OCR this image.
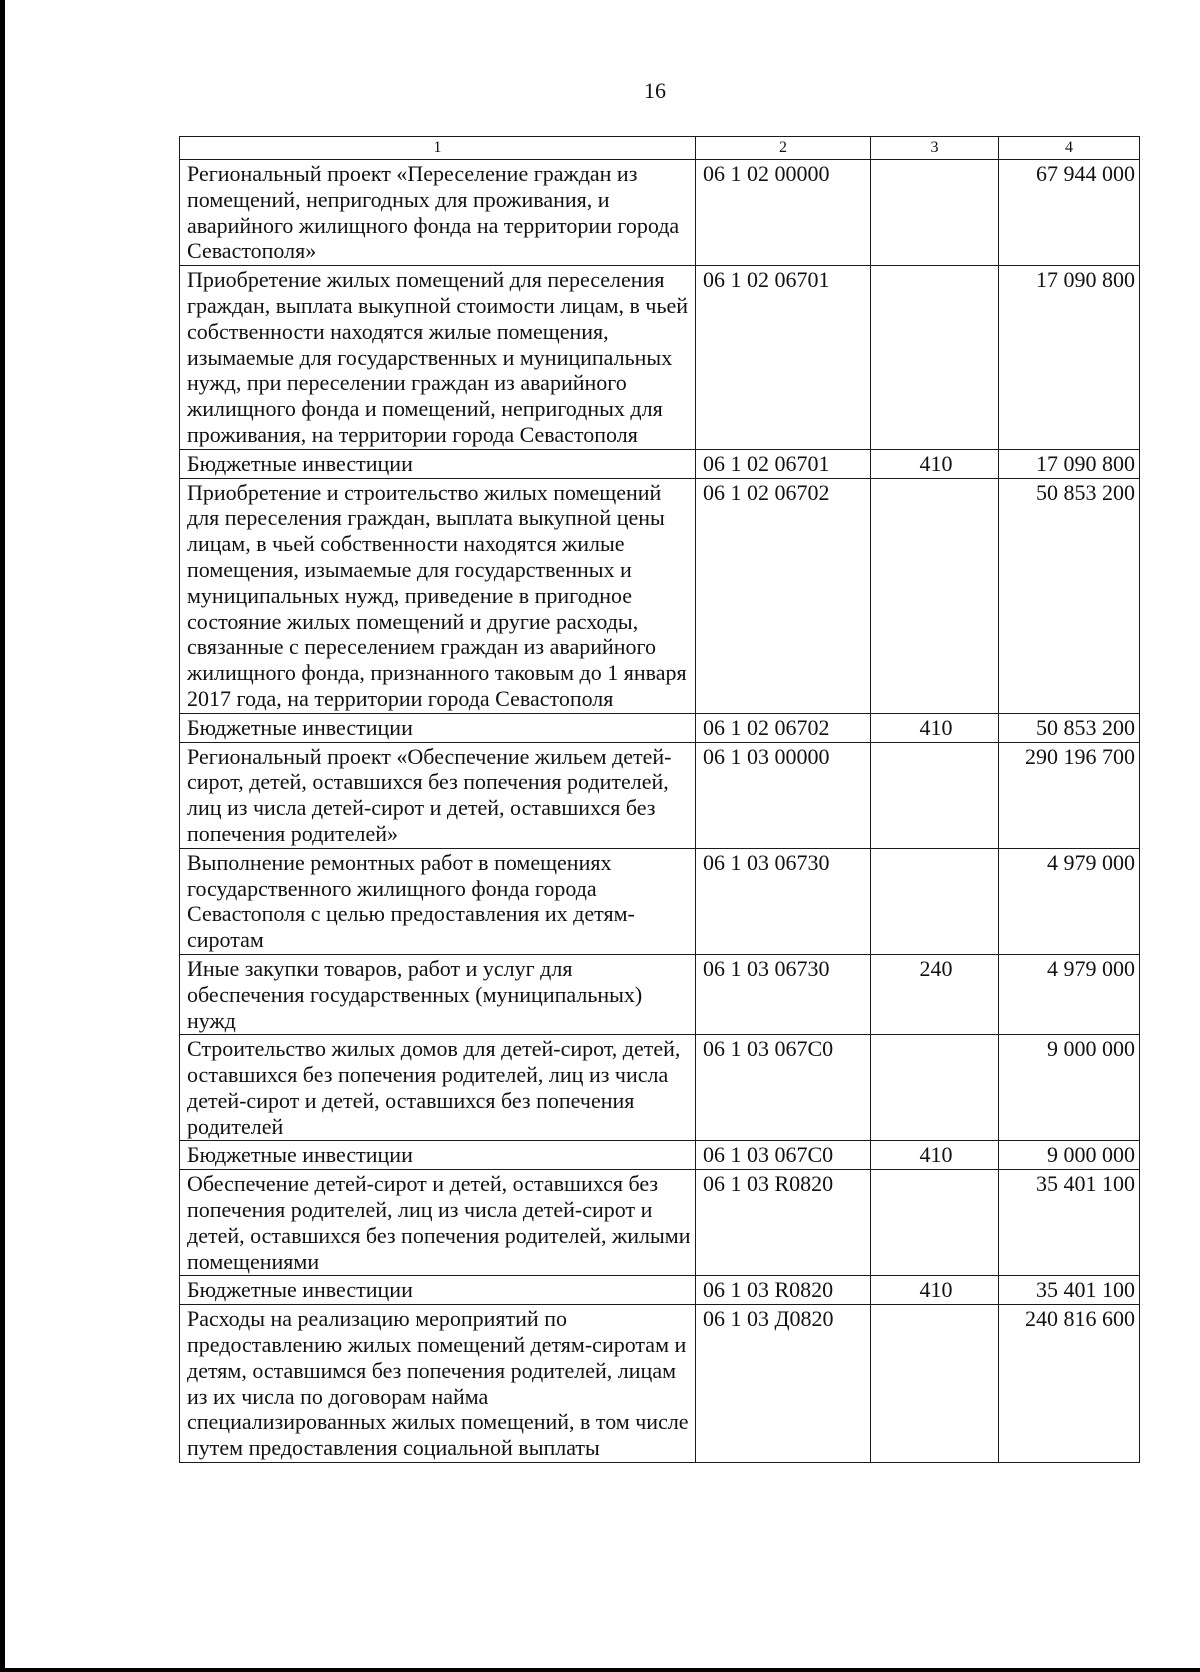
16
1	2	3	4
Региональный проект «Переселение граждан из помещений, непригодных для проживания, и аварийного жилищного фонда на территории города Севастополя»	06 1 02 00000		67 944 000
Приобретение жилых помещений для переселения граждан, выплата выкупной стоимости лицам, в чьей собственности находятся жилые помещения, изымаемые для государственных и муниципальных нужд, при переселении граждан из аварийного жилищного фонда и помещений, непригодных для проживания, на территории города Севастополя	06 1 02 06701		17 090 800
Бюджетные инвестиции	06 1 02 06701	410	17 090 800
Приобретение и строительство жилых помещений для переселения граждан, выплата выкупной цены лицам, в чьей собственности находятся жилые помещения, изымаемые для государственных и муниципальных нужд, приведение в пригодное состояние жилых помещений и другие расходы, связанные с переселением граждан из аварийного жилищного фонда, признанного таковым до 1 января 2017 года, на территории города Севастополя	06 1 02 06702		50 853 200
Бюджетные инвестиции	06 1 02 06702	410	50 853 200
Региональный проект «Обеспечение жильем детей-сирот, детей, оставшихся без попечения родителей, лиц из числа детей-сирот и детей, оставшихся без попечения родителей»	06 1 03 00000		290 196 700
Выполнение ремонтных работ в помещениях государственного жилищного фонда города Севастополя с целью предоставления их детям-сиротам	06 1 03 06730		4 979 000
Иные закупки товаров, работ и услуг для обеспечения государственных (муниципальных) нужд	06 1 03 06730	240	4 979 000
Строительство жилых домов для детей-сирот, детей, оставшихся без попечения родителей, лиц из числа детей-сирот и детей, оставшихся без попечения родителей	06 1 03 067С0		9 000 000
Бюджетные инвестиции	06 1 03 067С0	410	9 000 000
Обеспечение детей-сирот и детей, оставшихся без попечения родителей, лиц из числа детей-сирот и детей, оставшихся без попечения родителей, жилыми помещениями	06 1 03 R0820		35 401 100
Бюджетные инвестиции	06 1 03 R0820	410	35 401 100
Расходы на реализацию мероприятий по предоставлению жилых помещений детям-сиротам и детям, оставшимся без попечения родителей, лицам из их числа по договорам найма специализированных жилых помещений, в том числе путем предоставления социальной выплаты	06 1 03 Д0820		240 816 600
